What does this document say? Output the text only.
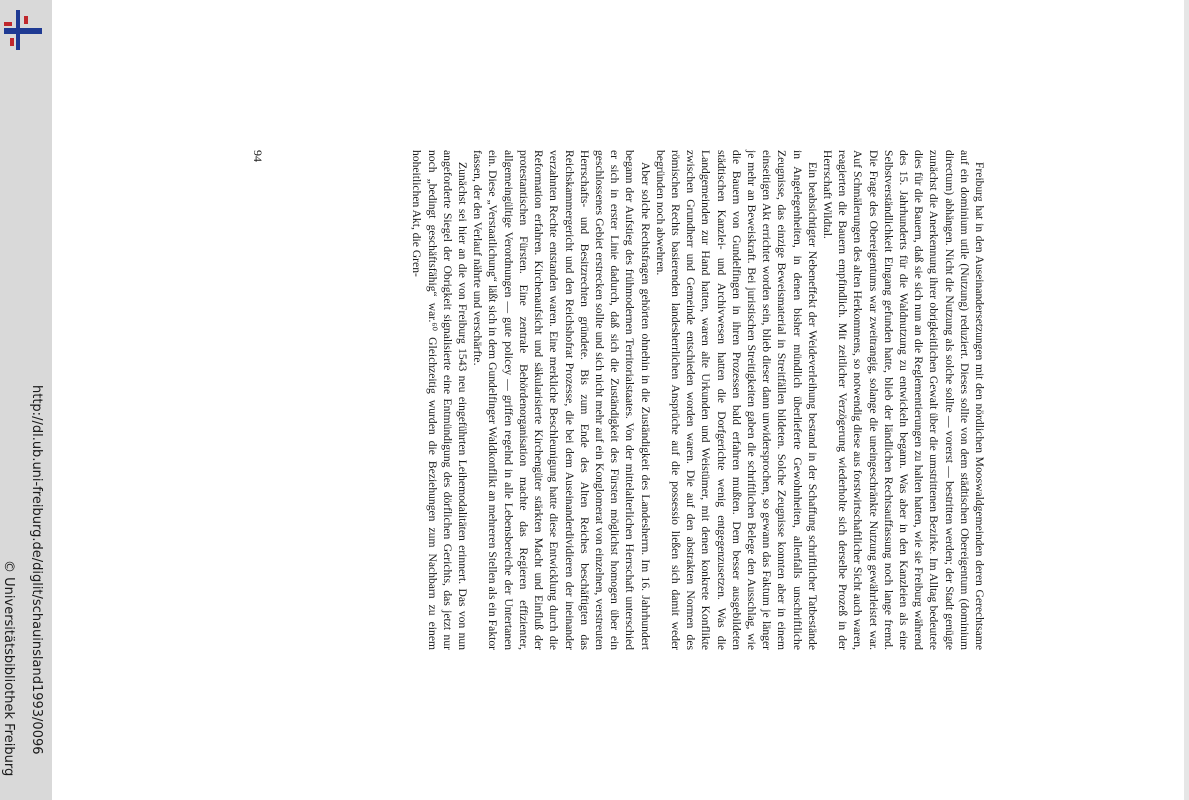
http://dl.ub.uni-freiburg.de/diglit/schauinsland1993/0096
© Universitätsbibliothek Freiburg

Freiburg hat in den Auseinandersetzungen mit den nördlichen Mooswaldgemeinden deren Gerechtsame auf ein dominium utile (Nutzung) reduziert. Dieses sollte von dem städtischen Obereigentum (dominium directum) abhängen. Nicht die Nutzung als solche sollte — vorerst — bestritten werden; der Stadt genügte zunächst die Anerkennung ihrer obrigkeitlichen Gewalt über die umstrittenen Bezirke. Im Alltag bedeutete dies für die Bauern, daß sie sich nun an die Reglementierungen zu halten hatten, wie sie Freiburg während des 15. Jahrhunderts für die Waldnutzung zu entwickeln begann. Was aber in den Kanzleien als eine Selbstverständlichkeit Eingang gefunden hatte, blieb der ländlichen Rechtsauffassung noch lange fremd. Die Frage des Obereigentums war zweitrangig, solange die uneingeschränkte Nutzung gewährleistet war. Auf Schmälerungen des alten Herkommens, so notwendig diese aus forstwirtschaftlicher Sicht auch waren, reagierten die Bauern empfindlich. Mit zeitlicher Verzögerung wiederholte sich derselbe Prozeß in der Herrschaft Wildtal.

Ein beabsichtigter Nebeneffekt der Weideverleihung bestand in der Schaffung schriftlicher Tatbestände in Angelegenheiten, in denen bisher mündlich überlieferte Gewohnheiten, allenfalls unschriftliche Zeugnisse, das einzige Beweismaterial in Streitfällen bildeten. Solche Zeugnisse konnten aber in einem einseitigen Akt errichtet worden sein, blieb dieser dann unwidersprochen, so gewann das Faktum je länger je mehr an Beweiskraft. Bei juristischen Streitigkeiten gaben die schriftlichen Belege den Ausschlag, wie die Bauern von Gundelfingen in ihren Prozessen bald erfahren mußten. Dem besser ausgebildeten städtischen Kanzlei- und Archivwesen hatten die Dorfgerichte wenig entgegenzusetzen. Was die Landgemeinden zur Hand hatten, waren alte Urkunden und Weistümer, mit denen konkrete Konflikte zwischen Grundherr und Gemeinde entschieden worden waren. Die auf den abstrakten Normen des römischen Rechts basierenden landesherrlichen Ansprüche auf die possessio ließen sich damit weder begründen noch abwehren.

Aber solche Rechtsfragen gehörten ohnehin in die Zuständigkeit des Landesherrn. Im 16. Jahrhundert begann der Aufstieg des frühmodernen Territorialstaates. Von der mittelalterlichen Herrschaft unterschied er sich in erster Linie dadurch, daß sich die Zuständigkeit des Fürsten möglichst homogen über ein geschlossenes Gebiet erstrecken sollte und sich nicht mehr auf ein Konglomerat von einzelnen, verstreuten Herrschafts- und Besitzrechten gründete. Bis zum Ende des Alten Reiches beschäftigten das Reichskammergericht und den Reichshofrat Prozesse, die bei dem Auseinanderdividieren der ineinander verzahnten Rechte entstanden waren. Eine merkliche Beschleunigung hatte diese Entwicklung durch die Reformation erfahren. Kirchenaufsicht und säkularisierte Kirchengüter stärkten Macht und Einfluß der protestantischen Fürsten. Eine zentrale Behördenorganisation machte das Regieren effizienter, allgemeingültige Verordnungen — gute policey — griffen regelnd in alle Lebensbereiche der Untertanen ein. Diese „Verstaatlichung“ läßt sich in dem Gundelfinger Waldkonflikt an mehreren Stellen als ein Faktor fassen, der den Verlauf nährte und verschärfte.

Zunächst sei hier an die von Freiburg 1543 neu eingeführten Leihemodalitäten erinnert. Das von nun angeforderte Siegel der Obrigkeit signalisierte eine Entmündigung des dörflichen Gerichts, das jetzt nur noch „bedingt geschäftsfähig“ war.⁶⁰ Gleichzeitig wurden die Beziehungen zum Nachbarn zu einem hoheitlichen Akt, die Gren-

94
